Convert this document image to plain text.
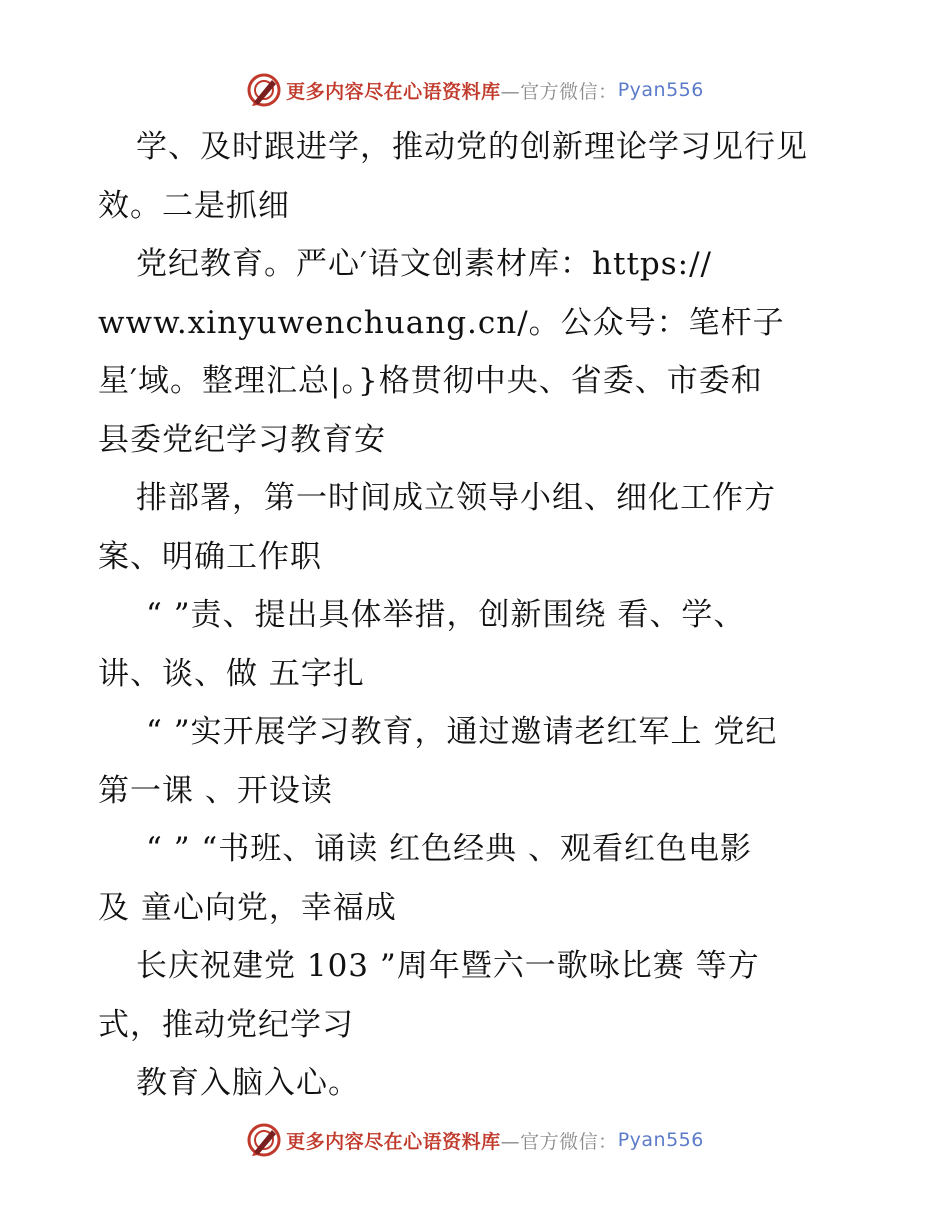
更多内容尽在心语资料库 —官方微信： Pyan556
学、及时跟进学，推动党的创新理论学习见行见
效。二是抓细
党纪教育。严心′语文创素材库：https://
www.xinyuwenchuang.cn/。公众号：笔杆子
星′域。整理汇总|。}格贯彻中央、省委、市委和
县委党纪学习教育安
排部署，第一时间成立领导小组、细化工作方
案、明确工作职
“ ”责、提出具体举措，创新围绕 看、学、
讲、谈、做 五字扎
“ ”实开展学习教育，通过邀请老红军上 党纪
第一课 、开设读
“ ” “书班、诵读 红色经典 、观看红色电影
及 童心向党，幸福成
长庆祝建党 103 ”周年暨六一歌咏比赛 等方
式，推动党纪学习
教育入脑入心。
更多内容尽在心语资料库 —官方微信： Pyan556
